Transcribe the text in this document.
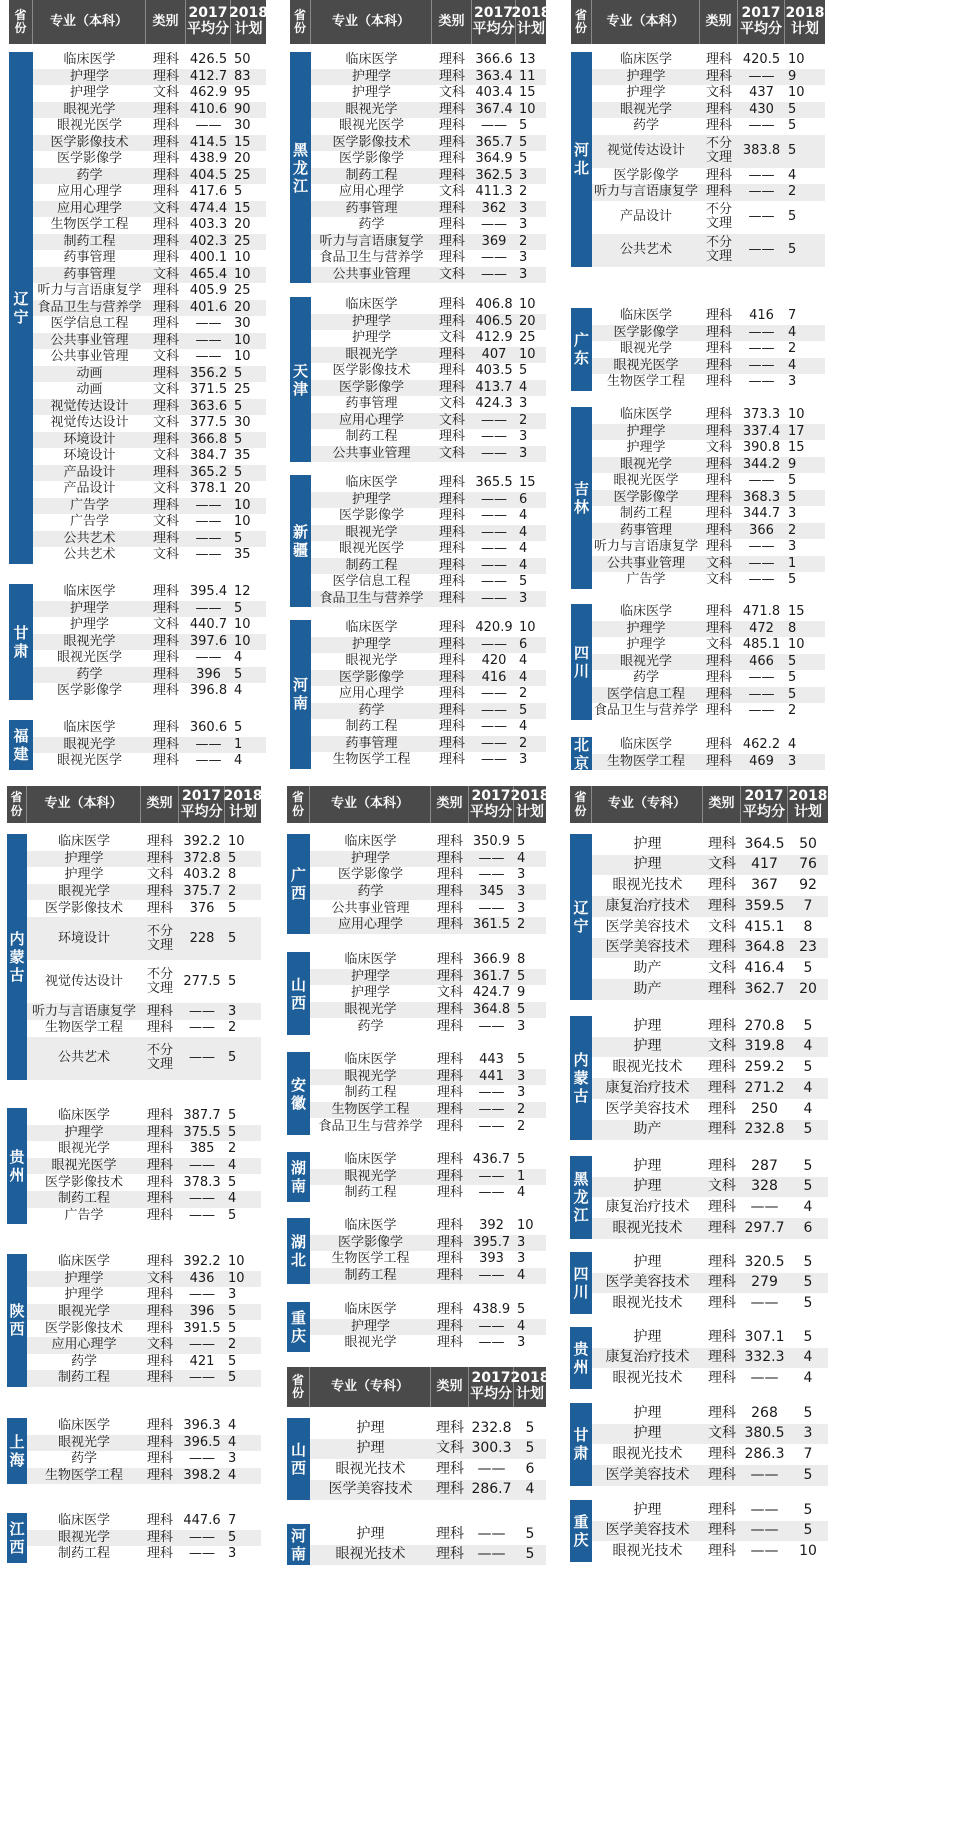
省份	专业（本科）	类别 2017平均分
2018计划
辽宁
临床医学	理科 426.5 50
护理学	理科 412.7 83
护理学	文科 462.9 95
眼视光学	理科 410.6 90
眼视光医学	理科	—— 30
医学影像技术	理科 414.5 15
医学影像学	理科 438.9 20
药学	理科 404.5 25
应用心理学	理科 417.6 5
应用心理学	文科 474.4 15
生物医学工程	理科 403.3 20
制药工程	理科 402.3 25
药事管理	理科 400.1 10
药事管理	文科 465.4 10
听力与言语康复学 理科 405.9 25
食品卫生与营养学 理科 401.6 20
医学信息工程	理科	—— 30
公共事业管理	理科	—— 10
公共事业管理	文科	—— 10
动画	理科 356.2 5
动画	文科 371.5 25
视觉传达设计	理科 363.6 5
视觉传达设计	文科 377.5 30
环境设计	理科 366.8 5
环境设计	文科 384.7 35
产品设计	理科 365.2 5
产品设计	文科 378.1 20
广告学	理科	—— 10
广告学	文科	—— 10
公共艺术	理科	—— 5
公共艺术	文科	—— 35
甘肃
临床医学	理科 395.4 12
护理学	理科	—— 5
护理学	文科 440.7 10
眼视光学	理科 397.6 10
眼视光医学	理科	—— 4
药学	理科	396	5
医学影像学	理科 396.8 4
福建
临床医学	理科 360.6 5
眼视光学	理科	—— 1
眼视光医学	理科	—— 4
省份	专业（本科）	类别 2017平均分
2018计划
黑龙江
临床医学	理科 366.6 13
护理学	理科 363.4 11
护理学	文科 403.4 15
眼视光学	理科 367.4 10
眼视光医学	理科	—— 5
医学影像技术	理科 365.7 5
医学影像学	理科 364.9 5
制药工程	理科 362.5 3
应用心理学	文科 411.3 2
药事管理	理科	362 3
药学	理科	—— 3
听力与言语康复学	理科	369 2
食品卫生与营养学	理科	—— 3
公共事业管理	文科	—— 3
天津
临床医学	理科 406.8 10
护理学	理科 406.5 20
护理学	文科 412.9 25
眼视光学	理科	407 10
医学影像技术	理科 403.5 5
医学影像学	理科 413.7 4
药事管理	文科 424.3 3
应用心理学	文科	—— 2
制药工程	理科	—— 3
公共事业管理	文科	—— 3
新疆
临床医学	理科 365.5 15
护理学	理科	—— 6
医学影像学	理科	—— 4
眼视光学	理科	—— 4
眼视光医学	理科	—— 4
制药工程	理科	—— 4
医学信息工程	理科	—— 5
食品卫生与营养学	理科	—— 3
河南
临床医学	理科 420.9 10
护理学	理科	—— 6
眼视光学	理科	420 4
医学影像学	理科	416 4
应用心理学	理科	—— 2
药学	理科	—— 5
制药工程	理科	—— 4
药事管理	理科	—— 2
生物医学工程	理科	—— 3
省份	专业（本科）	类别 2017平均分
2018计划
河北
临床医学	理科 420.5 10
护理学	理科	——	9
护理学	文科	437	10
眼视光学	理科	430	5
药学	理科	——	5
视觉传达设计	不分文理 383.8 5
医学影像学	理科	——	4
听力与言语康复学 理科	——	2
产品设计	不分文理	——	5
公共艺术	不分文理	——	5
广东
临床医学	理科	416	7
医学影像学	理科	——	4
眼视光学	理科	——	2
眼视光医学	理科	——	4
生物医学工程	理科	——	3
吉林
临床医学	理科 373.3 10
护理学	理科 337.4 17
护理学	文科 390.8 15
眼视光学	理科 344.2 9
眼视光医学	理科	——	5
医学影像学	理科 368.3 5
制药工程	理科 344.7 3
药事管理	理科	366	2
听力与言语康复学 理科	——	3
公共事业管理	文科	——	1
广告学	文科	——	5
四川
临床医学	理科 471.8 15
护理学	理科	472	8
护理学	文科 485.1 10
眼视光学	理科	466	5
药学	理科	——	5
医学信息工程	理科	——	5
食品卫生与营养学 理科	——	2
北京
临床医学	理科 462.2 4
生物医学工程	理科	469	3
省份	专业（本科）	类别 2017平均分
2018计划
内蒙古
临床医学	理科 392.2 10
护理学	理科 372.8 5
护理学	文科 403.2 8
眼视光学	理科 375.7 2
医学影像技术	理科	376	5
环境设计	不分文理	228	5
视觉传达设计	不分文理 277.5 5
听力与言语康复学 理科	——	3
生物医学工程	理科	——	2
公共艺术	不分文理	——	5
贵州
临床医学	理科 387.7 5
护理学	理科 375.5 5
眼视光学	理科	385	2
眼视光医学	理科	——	4
医学影像技术	理科 378.3 5
制药工程	理科	——	4
广告学	理科	——	5
陕西
临床医学	理科 392.2 10
护理学	文科	436	10
护理学	理科	——	3
眼视光学	理科	396	5
医学影像技术	理科 391.5 5
应用心理学	文科	——	2
药学	理科	421	5
制药工程	理科	——	5
上海
临床医学	理科 396.3 4
眼视光学	理科 396.5 4
药学	理科	——	3
生物医学工程	理科 398.2 4
江西
临床医学	理科 447.6 7
眼视光学	理科	——	5
制药工程	理科	——	3
省份	专业（本科）	类别 2017平均分
2018计划
广西
临床医学	理科 350.9 5
护理学	理科	—— 4
医学影像学	理科	—— 3
药学	理科	345	3
公共事业管理	理科	—— 3
应用心理学	理科 361.5 2
山西
临床医学	理科 366.9 8
护理学	理科 361.7 5
护理学	文科 424.7 9
眼视光学	理科 364.8 5
药学	理科	—— 3
安徽
临床医学	理科	443	5
眼视光学	理科	441	3
制药工程	理科	—— 3
生物医学工程	理科	—— 2
食品卫生与营养学	理科	—— 2
湖南
临床医学	理科 436.7 5
眼视光学	理科	—— 1
制药工程	理科	—— 4
湖北
临床医学	理科	392	10
医学影像学	理科 395.7 3
生物医学工程	理科	393	3
制药工程	理科	—— 4
重庆
临床医学	理科 438.9 5
护理学	理科	—— 4
眼视光学	理科	—— 3
省份	专业（专科）	类别 2017平均分
2018计划
山西
护理	理科 232.8 5
护理	文科 300.3 5
眼视光技术	理科 ——	6
医学美容技术	理科 286.7 4
河南
护理	理科 ——	5
眼视光技术	理科 ——	5
省份	专业（专科）	类别 2017平均分
2018计划
辽宁
护理	理科 364.5	50
护理	文科	417	76
眼视光技术	理科	367	92
康复治疗技术	理科 359.5	7
医学美容技术	文科 415.1	8
医学美容技术	理科 364.8	23
助产	文科 416.4	5
助产	理科 362.7	20
内蒙古
护理	理科 270.8	5
护理	文科 319.8	4
眼视光技术	理科 259.2	5
康复治疗技术	理科 271.2	4
医学美容技术	理科	250	4
助产	理科 232.8	5
黑龙江
护理	理科	287	5
护理	文科	328	5
康复治疗技术	理科	——	4
眼视光技术	理科 297.7	6
四川
护理	理科 320.5	5
医学美容技术	理科	279	5
眼视光技术	理科	——	5
贵州
护理	理科 307.1	5
康复治疗技术	理科 332.3	4
眼视光技术	理科	——	4
甘肃
护理	理科	268	5
护理	文科 380.5	3
眼视光技术	理科 286.3	7
医学美容技术	理科	——	5
重庆
护理	理科	——	5
医学美容技术	理科	——	5
眼视光技术	理科	——	10
